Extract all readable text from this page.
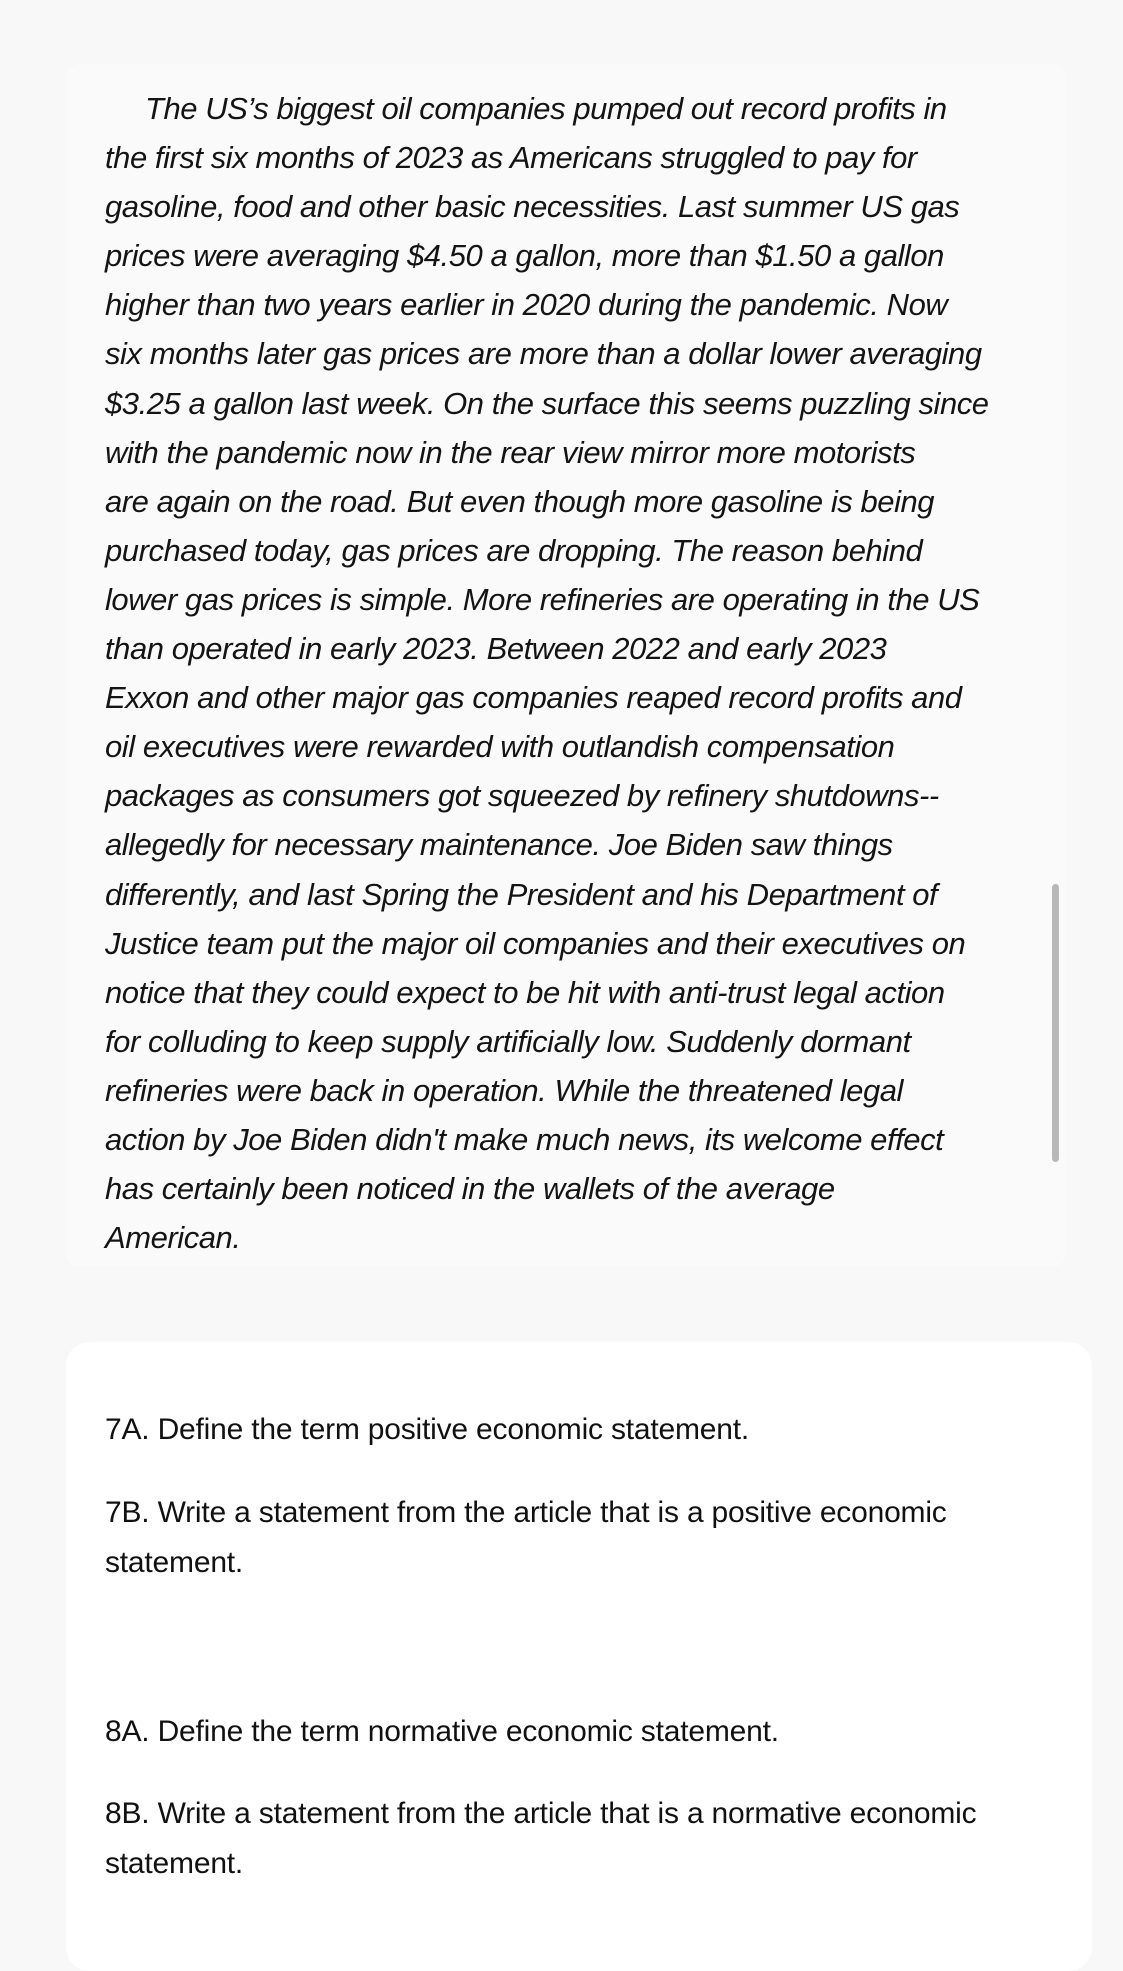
The US’s biggest oil companies pumped out record profits in
the first six months of 2023 as Americans struggled to pay for
gasoline, food and other basic necessities. Last summer US gas
prices were averaging $4.50 a gallon, more than $1.50 a gallon
higher than two years earlier in 2020 during the pandemic. Now
six months later gas prices are more than a dollar lower averaging
$3.25 a gallon last week. On the surface this seems puzzling since
with the pandemic now in the rear view mirror more motorists
are again on the road. But even though more gasoline is being
purchased today, gas prices are dropping. The reason behind
lower gas prices is simple. More refineries are operating in the US
than operated in early 2023. Between 2022 and early 2023
Exxon and other major gas companies reaped record profits and
oil executives were rewarded with outlandish compensation
packages as consumers got squeezed by refinery shutdowns--
allegedly for necessary maintenance. Joe Biden saw things
differently, and last Spring the President and his Department of
Justice team put the major oil companies and their executives on
notice that they could expect to be hit with anti-trust legal action
for colluding to keep supply artificially low. Suddenly dormant
refineries were back in operation. While the threatened legal
action by Joe Biden didn't make much news, its welcome effect
has certainly been noticed in the wallets of the average
American.

7A. Define the term positive economic statement.

7B. Write a statement from the article that is a positive economic statement.

8A. Define the term normative economic statement.

8B. Write a statement from the article that is a normative economic statement.
